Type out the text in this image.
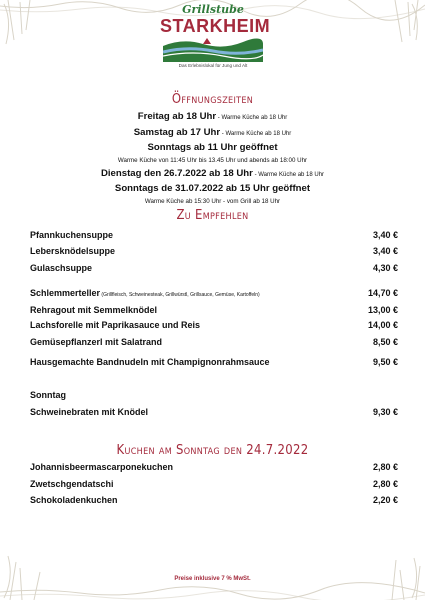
Grillstube
STARKHEIM
Das Erlebnislokal für Jung und Alt
Öffnungszeiten
Freitag ab 18 Uhr - Warme Küche ab 18 Uhr
Samstag ab 17 Uhr - Warme Küche ab 18 Uhr
Sonntags ab 11 Uhr geöffnet
Warme Küche von 11:45 Uhr bis 13.45 Uhr und abends ab 18:00 Uhr
Dienstag den 26.7.2022 ab 18 Uhr - Warme Küche ab 18 Uhr
Sonntags de 31.07.2022 ab 15 Uhr geöffnet
Warme Küche ab 15:30 Uhr - vom Grill ab 18 Uhr
Zu Empfehlen
Pfannkuchensuppe	3,40 €
Lebersknödelsuppe	3,40 €
Gulaschsuppe	4,30 €
Schlemmerteller (Grillfleisch, Schweinesteak, Grillwürstl, Grillsauce, Gemüse, Kartoffeln)	14,70 €
Rehragout mit Semmelknödel	13,00 €
Lachsforelle mit Paprikasauce und Reis	14,00 €
Gemüsepflanzerl mit Salatrand	8,50 €
Hausgemachte Bandnudeln mit Champignonrahmsauce	9,50 €
Sonntag
Schweinebraten mit Knödel	9,30 €
Kuchen am Sonntag den 24.7.2022
Johannisbeermascarponekuchen	2,80 €
Zwetschgendatschi	2,80 €
Schokoladenkuchen	2,20 €
Preise inklusive 7 % MwSt.
